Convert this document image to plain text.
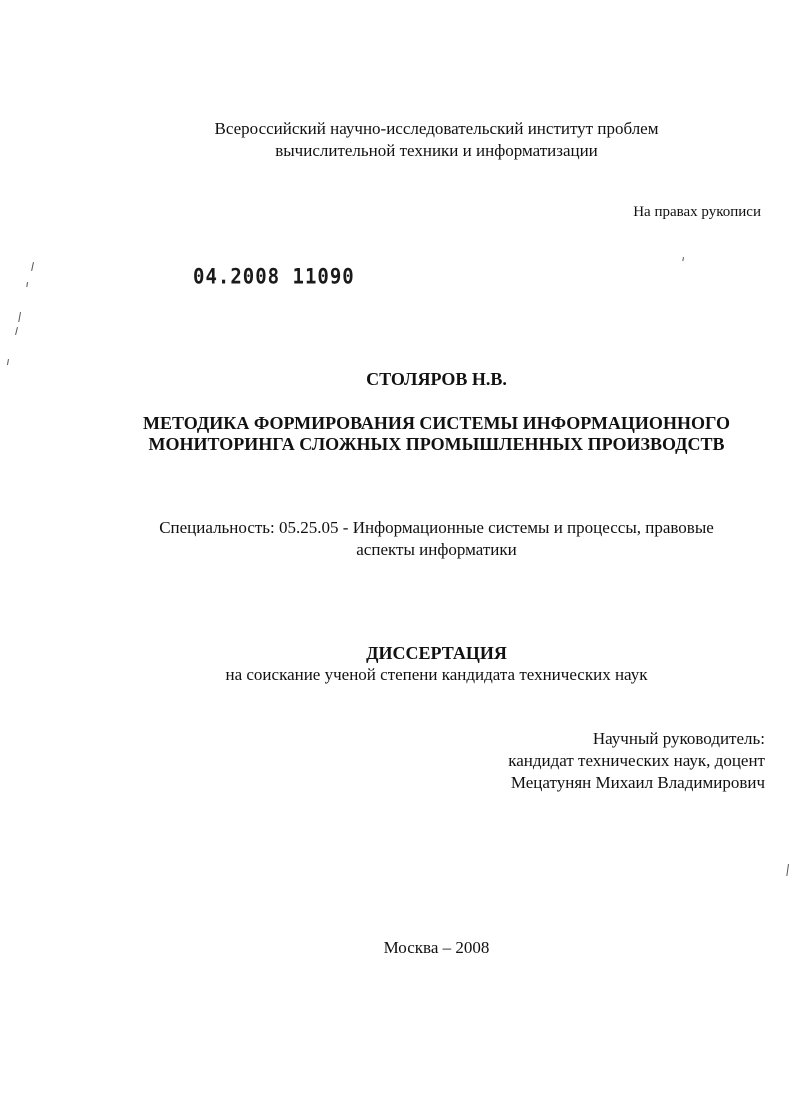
Всероссийский научно-исследовательский институт проблем
вычислительной техники и информатизации
На правах рукописи
04.2008 11090
СТОЛЯРОВ Н.В.
МЕТОДИКА ФОРМИРОВАНИЯ СИСТЕМЫ ИНФОРМАЦИОННОГО
МОНИТОРИНГА СЛОЖНЫХ ПРОМЫШЛЕННЫХ ПРОИЗВОДСТВ
Специальность: 05.25.05 - Информационные системы и процессы, правовые
аспекты информатики
ДИССЕРТАЦИЯ
на соискание ученой степени кандидата технических наук
Научный руководитель:
кандидат технических наук, доцент
Мецатунян Михаил Владимирович
Москва – 2008
